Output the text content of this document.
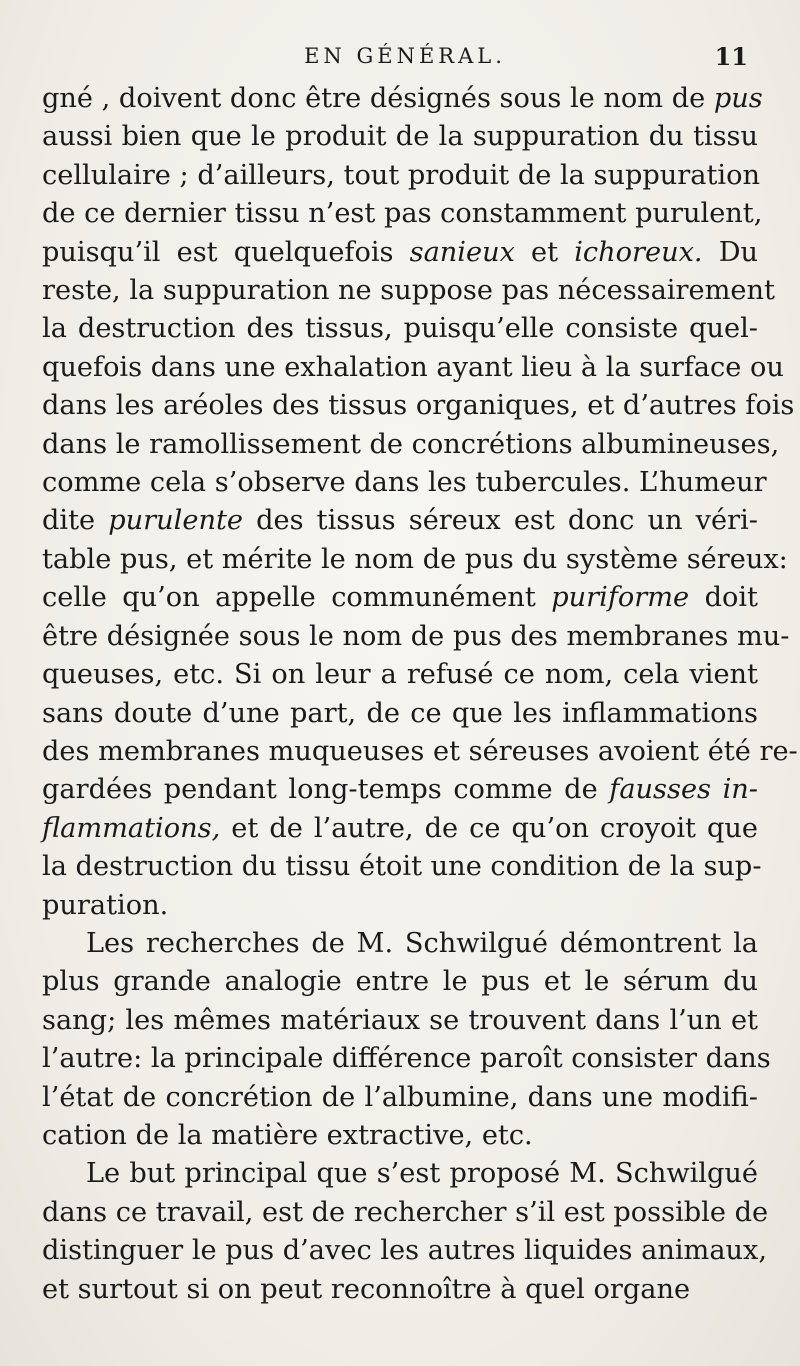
EN GÉNÉRAL.	11
gné , doivent donc être désignés sous le nom de pus
aussi bien que le produit de la suppuration du tissu
cellulaire ; d’ailleurs, tout produit de la suppuration
de ce dernier tissu n’est pas constamment purulent,
puisqu’il est quelquefois sanieux et ichoreux. Du
reste, la suppuration ne suppose pas nécessairement
la destruction des tissus, puisqu’elle consiste quel-
quefois dans une exhalation ayant lieu à la surface ou
dans les aréoles des tissus organiques, et d’autres fois
dans le ramollissement de concrétions albumineuses,
comme cela s’observe dans les tubercules. L’humeur
dite purulente des tissus séreux est donc un véri-
table pus, et mérite le nom de pus du système séreux:
celle qu’on appelle communément puriforme doit
être désignée sous le nom de pus des membranes mu-
queuses, etc. Si on leur a refusé ce nom, cela vient
sans doute d’une part, de ce que les inflammations
des membranes muqueuses et séreuses avoient été re-
gardées pendant long-temps comme de fausses in-
flammations, et de l’autre, de ce qu’on croyoit que
la destruction du tissu étoit une condition de la sup-
puration.
Les recherches de M. Schwilgué démontrent la
plus grande analogie entre le pus et le sérum du
sang; les mêmes matériaux se trouvent dans l’un et
l’autre: la principale différence paroît consister dans
l’état de concrétion de l’albumine, dans une modifi-
cation de la matière extractive, etc.
Le but principal que s’est proposé M. Schwilgué
dans ce travail, est de rechercher s’il est possible de
distinguer le pus d’avec les autres liquides animaux,
et surtout si on peut reconnoître à quel organe
